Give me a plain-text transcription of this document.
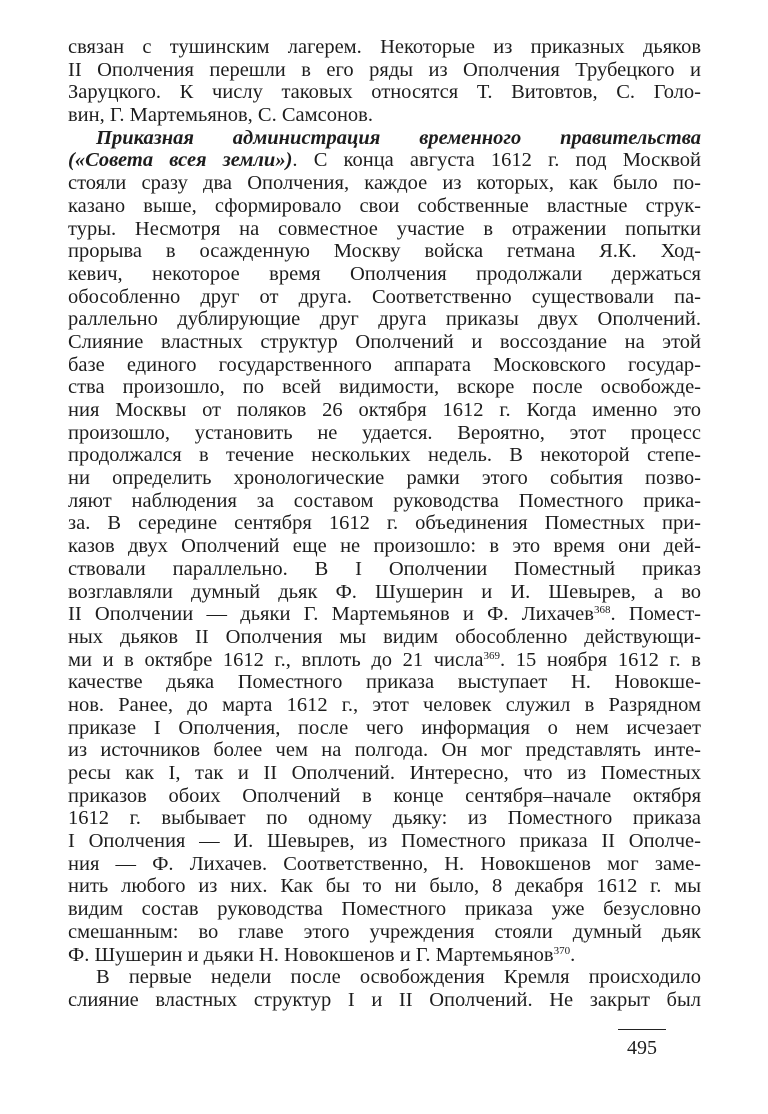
связан с тушинским лагерем. Некоторые из приказных дьяков
II Ополчения перешли в его ряды из Ополчения Трубецкого и
Заруцкого. К числу таковых относятся Т. Витовтов, С. Голо-
вин, Г. Мартемьянов, С. Самсонов.
Приказная администрация временного правительства
(«Совета всея земли»). С конца августа 1612 г. под Москвой
стояли сразу два Ополчения, каждое из которых, как было по-
казано выше, сформировало свои собственные властные струк-
туры. Несмотря на совместное участие в отражении попытки
прорыва в осажденную Москву войска гетмана Я.К. Ход-
кевич, некоторое время Ополчения продолжали держаться
обособленно друг от друга. Соответственно существовали па-
раллельно дублирующие друг друга приказы двух Ополчений.
Слияние властных структур Ополчений и воссоздание на этой
базе единого государственного аппарата Московского государ-
ства произошло, по всей видимости, вскоре после освобожде-
ния Москвы от поляков 26 октября 1612 г. Когда именно это
произошло, установить не удается. Вероятно, этот процесс
продолжался в течение нескольких недель. В некоторой степе-
ни определить хронологические рамки этого события позво-
ляют наблюдения за составом руководства Поместного прика-
за. В середине сентября 1612 г. объединения Поместных при-
казов двух Ополчений еще не произошло: в это время они дей-
ствовали параллельно. В I Ополчении Поместный приказ
возглавляли думный дьяк Ф. Шушерин и И. Шевырев, а во
II Ополчении — дьяки Г. Мартемьянов и Ф. Лихачев$^{368}$. Помест-
ных дьяков II Ополчения мы видим обособленно действующи-
ми и в октябре 1612 г., вплоть до 21 числа$^{369}$. 15 ноября 1612 г. в
качестве дьяка Поместного приказа выступает Н. Новокше-
нов. Ранее, до марта 1612 г., этот человек служил в Разрядном
приказе I Ополчения, после чего информация о нем исчезает
из источников более чем на полгода. Он мог представлять инте-
ресы как I, так и II Ополчений. Интересно, что из Поместных
приказов обоих Ополчений в конце сентября–начале октября
1612 г. выбывает по одному дьяку: из Поместного приказа
I Ополчения — И. Шевырев, из Поместного приказа II Ополче-
ния — Ф. Лихачев. Соответственно, Н. Новокшенов мог заме-
нить любого из них. Как бы то ни было, 8 декабря 1612 г. мы
видим состав руководства Поместного приказа уже безусловно
смешанным: во главе этого учреждения стояли думный дьяк
Ф. Шушерин и дьяки Н. Новокшенов и Г. Мартемьянов$^{370}$.
В первые недели после освобождения Кремля происходило
слияние властных структур I и II Ополчений. Не закрыт был
495
